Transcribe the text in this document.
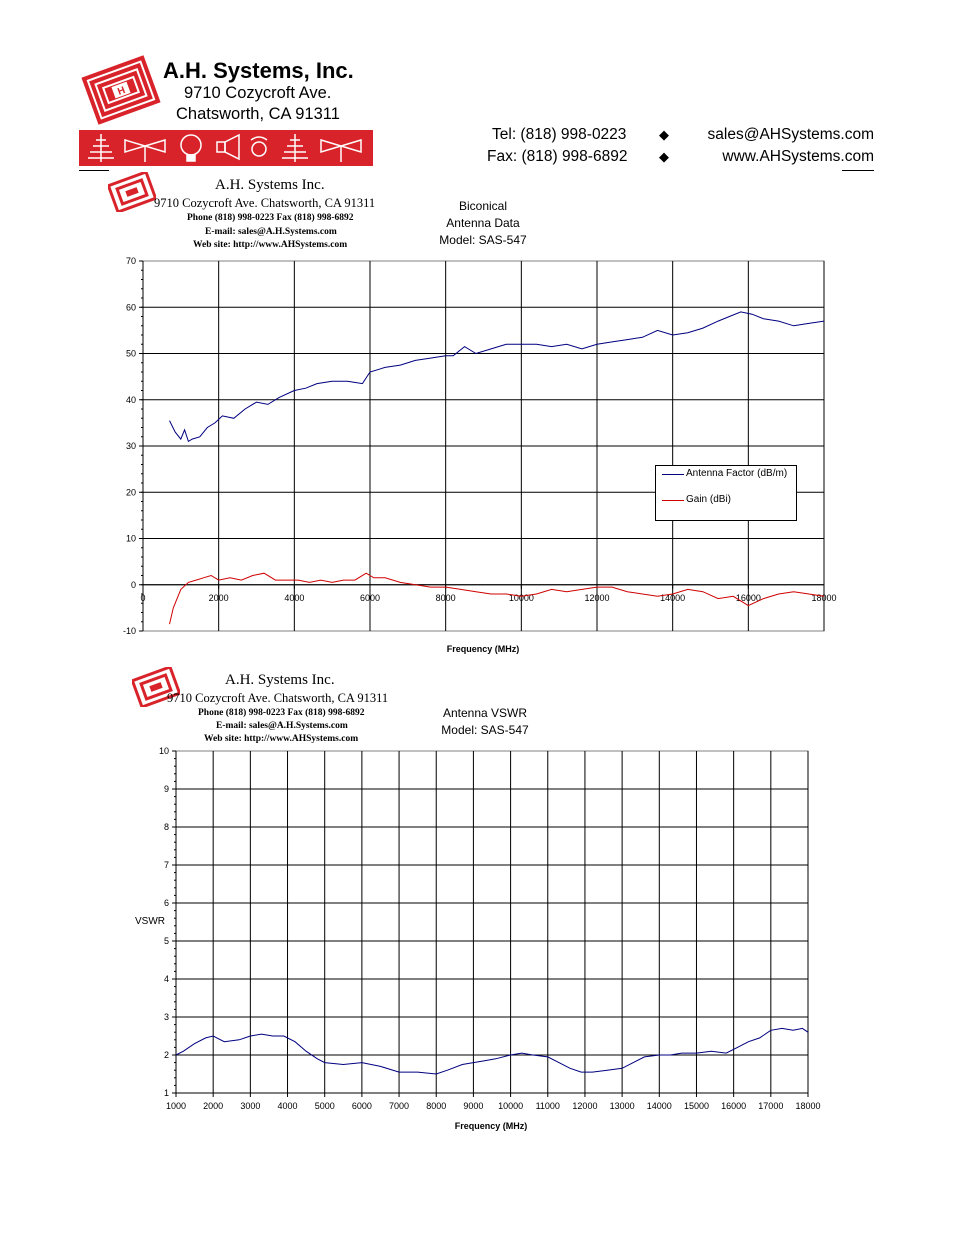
H
A.H. Systems, Inc.
9710 Cozycroft Ave.
Chatsworth, CA 91311
Tel: (818) 998-0223
Fax: (818) 998-6892
◆
◆
sales@AHSystems.com
www.AHSystems.com
A.H. Systems Inc.
9710 Cozycroft Ave. Chatsworth, CA 91311
Phone (818) 998-0223 Fax (818) 998-6892
E-mail: sales@A.H.Systems.com
Web site: http://www.AHSystems.com
Biconical
Antenna Data
Model: SAS-547
-10
0
10
20
30
40
50
60
70
0	2000	4000	6000	8000	10000	12000	14000	16000	18000
Frequency (MHz)
Antenna Factor (dB/m)
Gain (dBi)
A.H. Systems Inc.
9710 Cozycroft Ave. Chatsworth, CA 91311
Phone (818) 998-0223 Fax (818) 998-6892
E-mail: sales@A.H.Systems.com
Web site: http://www.AHSystems.com
Antenna VSWR
Model: SAS-547
1
2
3
4
5
6
7
8
9
10
1000 2000 3000 4000 5000 6000 7000 8000 9000 10000 11000 12000 13000 14000 15000 16000 17000 18000
Frequency (MHz)
VSWR
